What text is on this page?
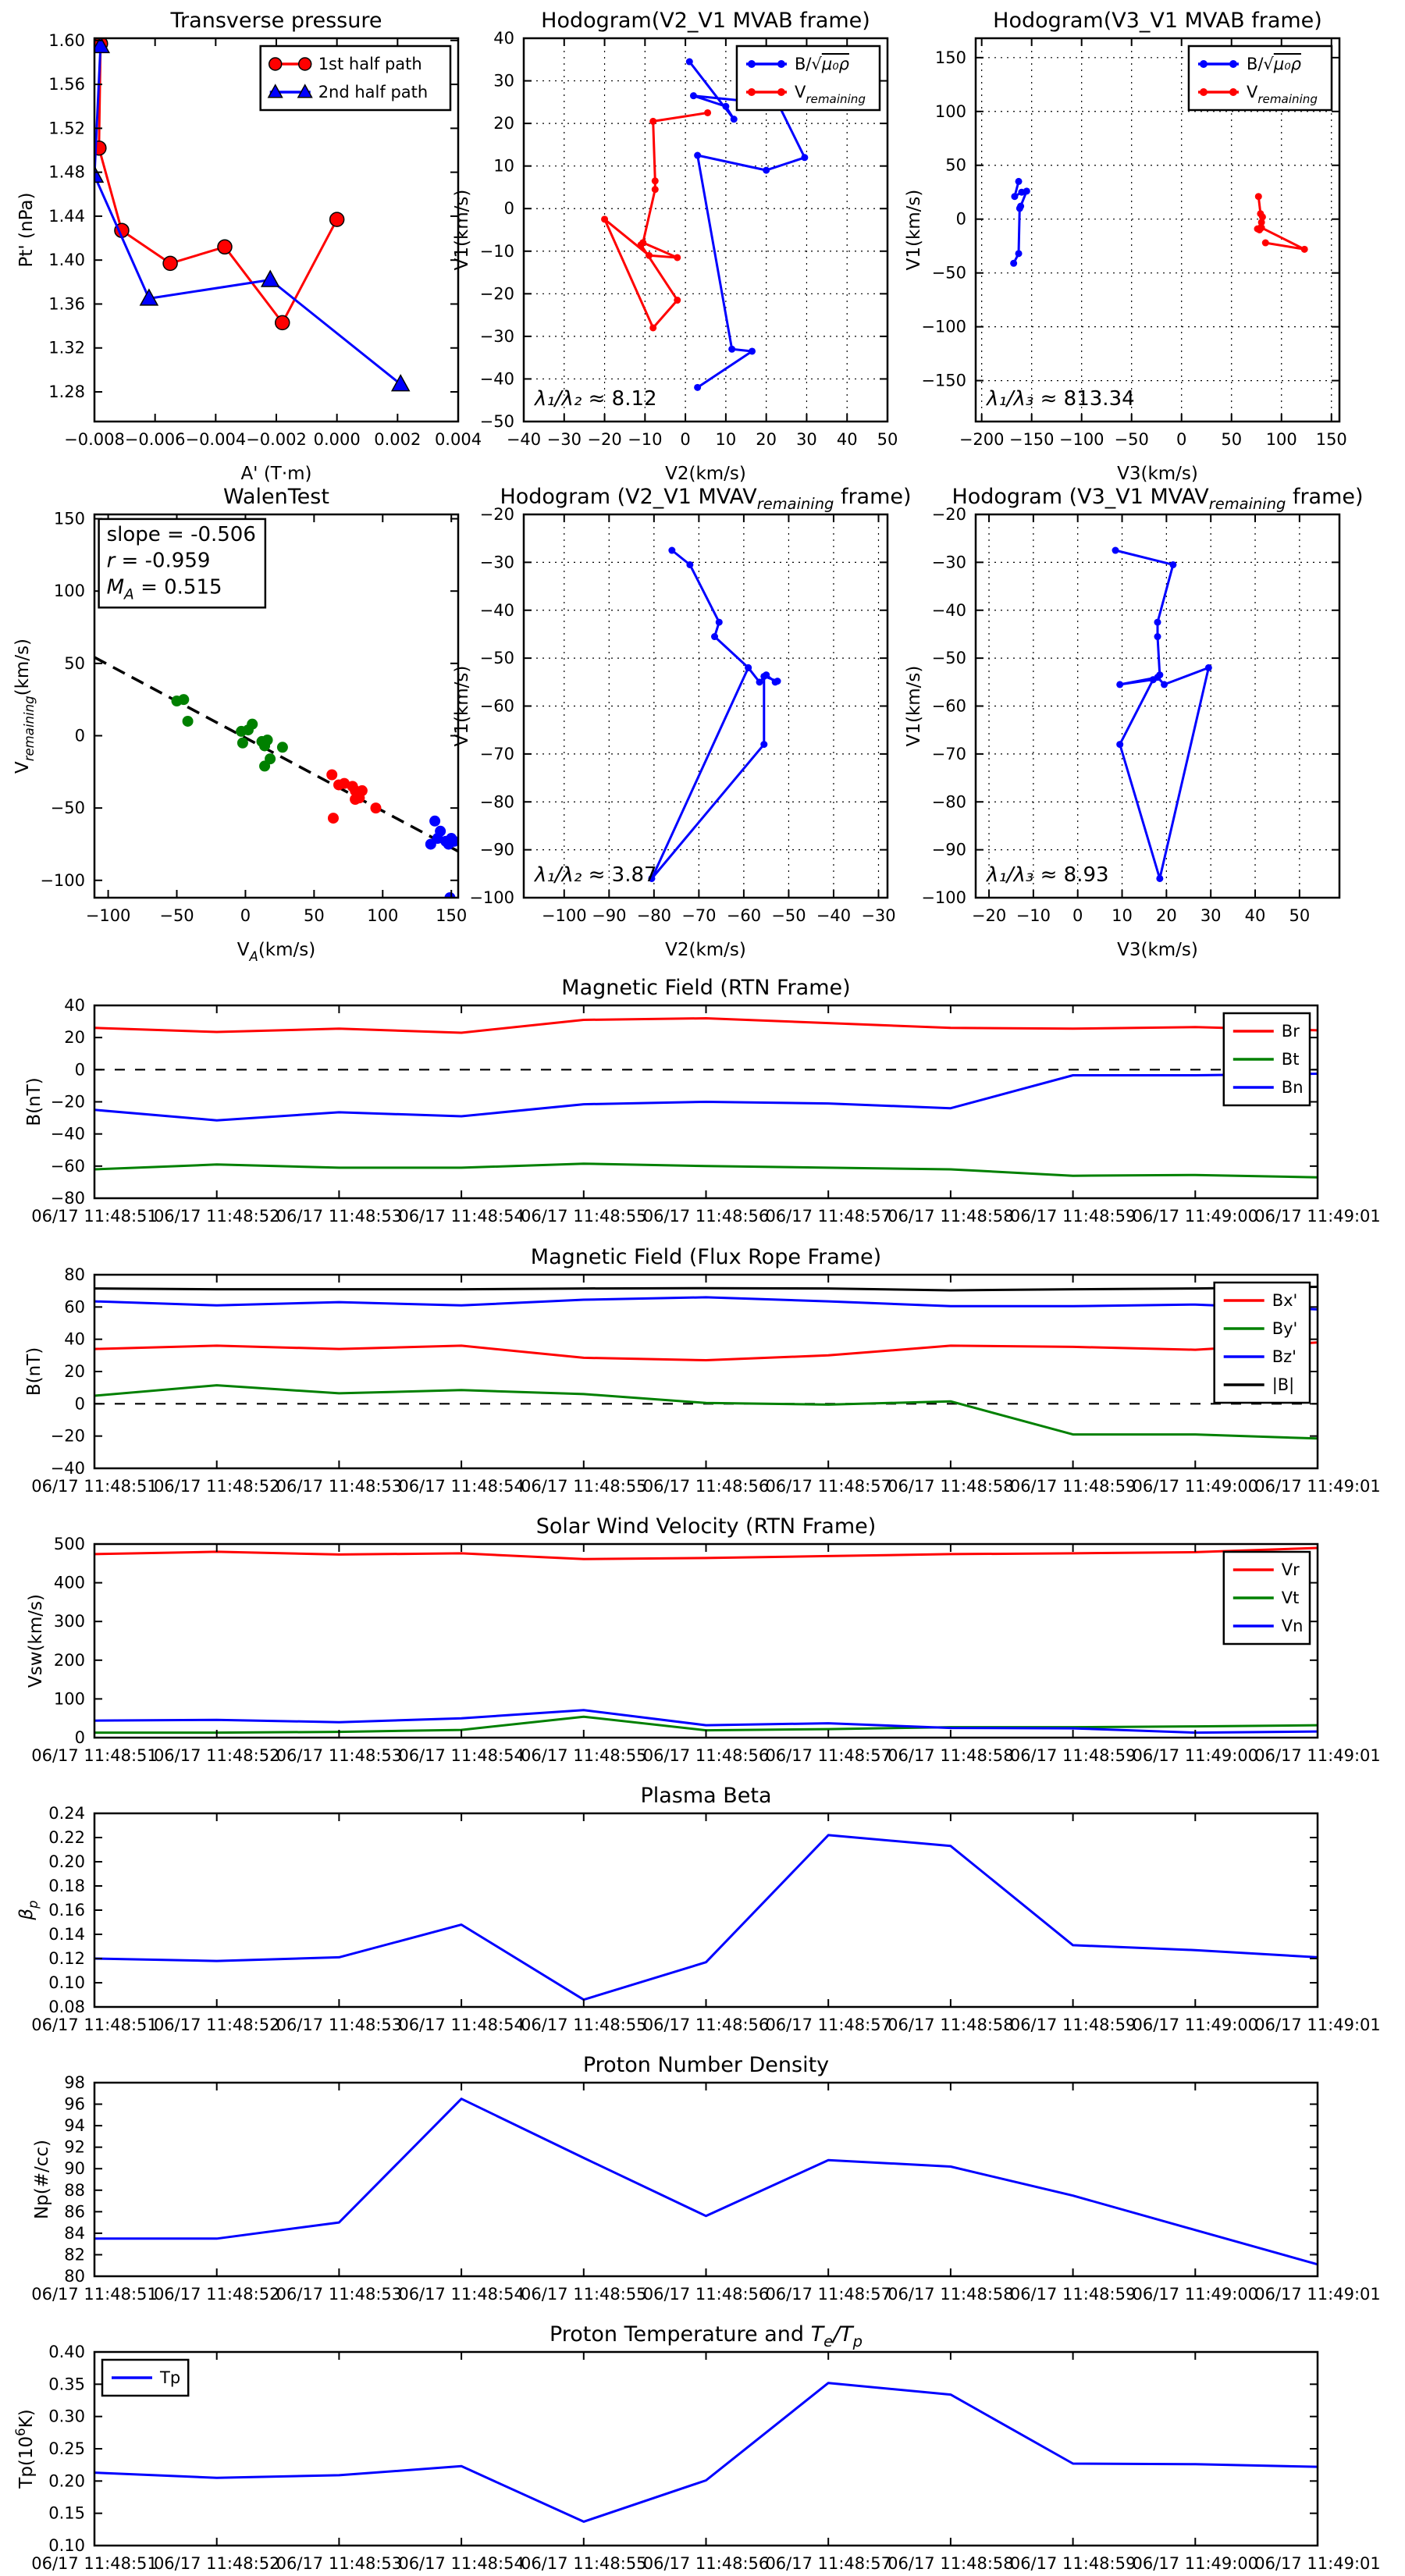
−0.008 −0.006 −0.004 −0.002 0.000 0.002 0.004
1.28
1.32
1.36
1.40
1.44
1.48
1.52
1.56
1.60
Transverse pressure
A' (T·m)
Pt' (nPa)
1st half path
2nd half path
−40 −30 −20 −10 0 10 20 30 40 50
−50
−40
−30
−20
−10
0
10
20
30
40
Hodogram(V2_V1 MVAB frame)
V2(km/s)
V1(km/s)
B/√μ₀ρ
$V_{remaining}$
λ₁/λ₂ ≈ 8.12
−200 −150 −100 −50 0 50 100 150
−150
−100
−50
0
50
100
150
Hodogram(V3_V1 MVAB frame)
V3(km/s)
V1(km/s)
B/√μ₀ρ
$V_{remaining}$
λ₁/λ₃ ≈ 813.34
−100 −50	0	50	100 150
−100
−50
0
50
100
150
WalenTest
$V_A(km/s)$
$V_{remaining}(km/s)$
slope = -0.506
r = -0.959
$M_A = 0.515$
−100 −90 −80 −70 −60 −50 −40 −30
−100
−90
−80
−70
−60
−50
−40
−30
−20
Hodogram (V2_V1 $MVAV_{remaining}$ frame)
V2(km/s)
V1(km/s)
λ₁/λ₂ ≈ 3.87
−20 −10 0 10 20 30 40 50
−100
−90
−80
−70
−60
−50
−40
−30
−20
Hodogram (V3_V1 $MVAV_{remaining}$ frame)
V3(km/s)
V1(km/s)
λ₁/λ₃ ≈ 8.93
06/17 11:48:51
06/17 11:48:52
06/17 11:48:53
06/17 11:48:54
06/17 11:48:55
06/17 11:48:56
06/17 11:48:57
06/17 11:48:58
06/17 11:48:59
06/17 11:49:00
06/17 11:49:01
−80
−60
−40
−20
0
20
40
Magnetic Field (RTN Frame)
B(nT)
Br
Bt
Bn
06/17 11:48:51
06/17 11:48:52
06/17 11:48:53
06/17 11:48:54
06/17 11:48:55
06/17 11:48:56
06/17 11:48:57
06/17 11:48:58
06/17 11:48:59
06/17 11:49:00
06/17 11:49:01
−40
−20
0
20
40
60
80
Magnetic Field (Flux Rope Frame)
B(nT)
Bx'
By'
Bz'
|B|
06/17 11:48:51
06/17 11:48:52
06/17 11:48:53
06/17 11:48:54
06/17 11:48:55
06/17 11:48:56
06/17 11:48:57
06/17 11:48:58
06/17 11:48:59
06/17 11:49:00
06/17 11:49:01
0
100
200
300
400
500
Solar Wind Velocity (RTN Frame)
Vsw(km/s)
Vr
Vt
Vn
06/17 11:48:51
06/17 11:48:52
06/17 11:48:53
06/17 11:48:54
06/17 11:48:55
06/17 11:48:56
06/17 11:48:57
06/17 11:48:58
06/17 11:48:59
06/17 11:49:00
06/17 11:49:01
0.08
0.10
0.12
0.14
0.16
0.18
0.20
0.22
0.24
Plasma Beta
$\beta_p$
06/17 11:48:51
06/17 11:48:52
06/17 11:48:53
06/17 11:48:54
06/17 11:48:55
06/17 11:48:56
06/17 11:48:57
06/17 11:48:58
06/17 11:48:59
06/17 11:49:00
06/17 11:49:01
80
82
84
86
88
90
92
94
96
98
Proton Number Density
Np(#/cc)
06/17 11:48:51
06/17 11:48:52
06/17 11:48:53
06/17 11:48:54
06/17 11:48:55
06/17 11:48:56
06/17 11:48:57
06/17 11:48:58
06/17 11:48:59
06/17 11:49:00
06/17 11:49:01
0.10
0.15
0.20
0.25
0.30
0.35
0.40
Proton Temperature and $T_e/T_p$
$Tp(10^6K)$
Tp
